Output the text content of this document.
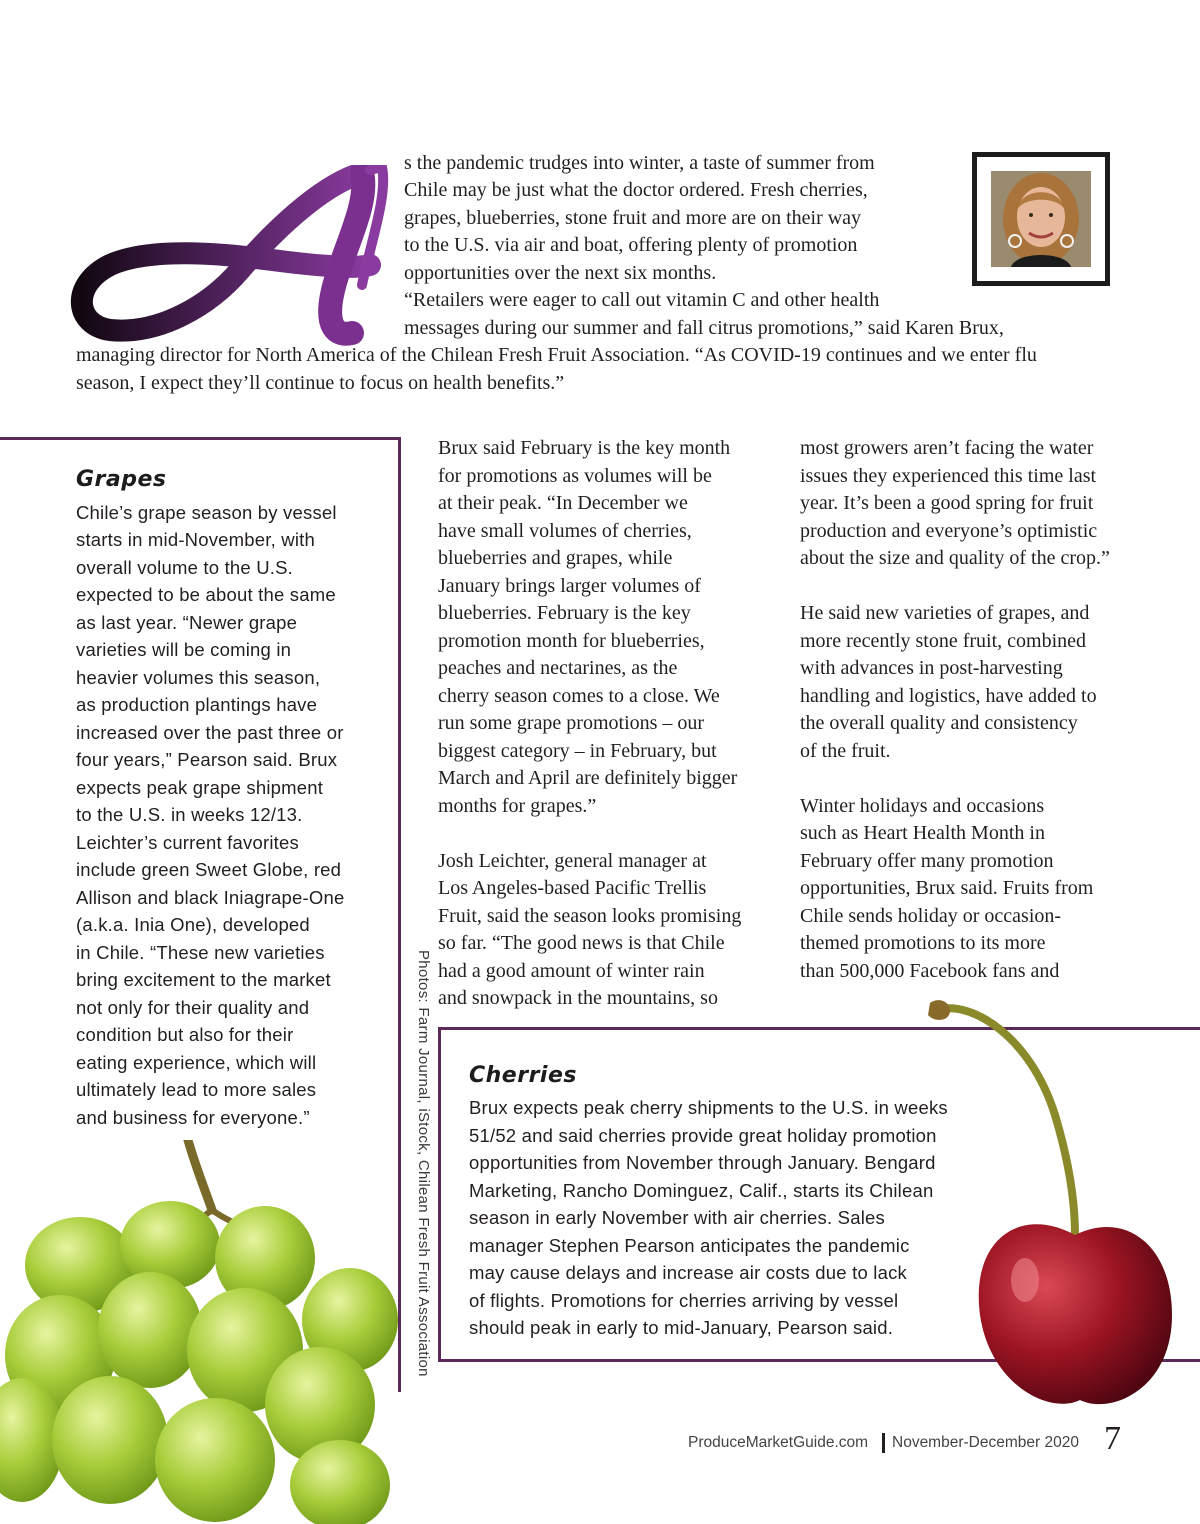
s the pandemic trudges into winter, a taste of summer from
Chile may be just what the doctor ordered. Fresh cherries,
grapes, blueberries, stone fruit and more are on their way
to the U.S. via air and boat, offering plenty of promotion
opportunities over the next six months.
“Retailers were eager to call out vitamin C and other health
messages during our summer and fall citrus promotions,” said Karen Brux,
managing director for North America of the Chilean Fresh Fruit Association. “As COVID-19 continues and we enter flu
season, I expect they’ll continue to focus on health benefits.”
Grapes
Chile’s grape season by vessel
starts in mid-November, with
overall volume to the U.S.
expected to be about the same
as last year. “Newer grape
varieties will be coming in
heavier volumes this season,
as production plantings have
increased over the past three or
four years,” Pearson said. Brux
expects peak grape shipment
to the U.S. in weeks 12/13.
Leichter’s current favorites
include green Sweet Globe, red
Allison and black Iniagrape-One
(a.k.a. Inia One), developed
in Chile. “These new varieties
bring excitement to the market
not only for their quality and
condition but also for their
eating experience, which will
ultimately lead to more sales
and business for everyone.”
Brux said February is the key month
for promotions as volumes will be
at their peak. “In December we
have small volumes of cherries,
blueberries and grapes, while
January brings larger volumes of
blueberries. February is the key
promotion month for blueberries,
peaches and nectarines, as the
cherry season comes to a close. We
run some grape promotions – our
biggest category – in February, but
March and April are definitely bigger
months for grapes.”
Josh Leichter, general manager at
Los Angeles-based Pacific Trellis
Fruit, said the season looks promising
so far. “The good news is that Chile
had a good amount of winter rain
and snowpack in the mountains, so
most growers aren’t facing the water
issues they experienced this time last
year. It’s been a good spring for fruit
production and everyone’s optimistic
about the size and quality of the crop.”
He said new varieties of grapes, and
more recently stone fruit, combined
with advances in post-harvesting
handling and logistics, have added to
the overall quality and consistency
of the fruit.
Winter holidays and occasions
such as Heart Health Month in
February offer many promotion
opportunities, Brux said. Fruits from
Chile sends holiday or occasion-
themed promotions to its more
than 500,000 Facebook fans and
Photos: Farm Journal, iStock, Chilean Fresh Fruit Association Cherries
Brux expects peak cherry shipments to the U.S. in weeks
51/52 and said cherries provide great holiday promotion
opportunities from November through January. Bengard
Marketing, Rancho Dominguez, Calif., starts its Chilean
season in early November with air cherries. Sales
manager Stephen Pearson anticipates the pandemic
may cause delays and increase air costs due to lack
of flights. Promotions for cherries arriving by vessel
should peak in early to mid-January, Pearson said.
ProduceMarketGuide.com November-December 2020 7
